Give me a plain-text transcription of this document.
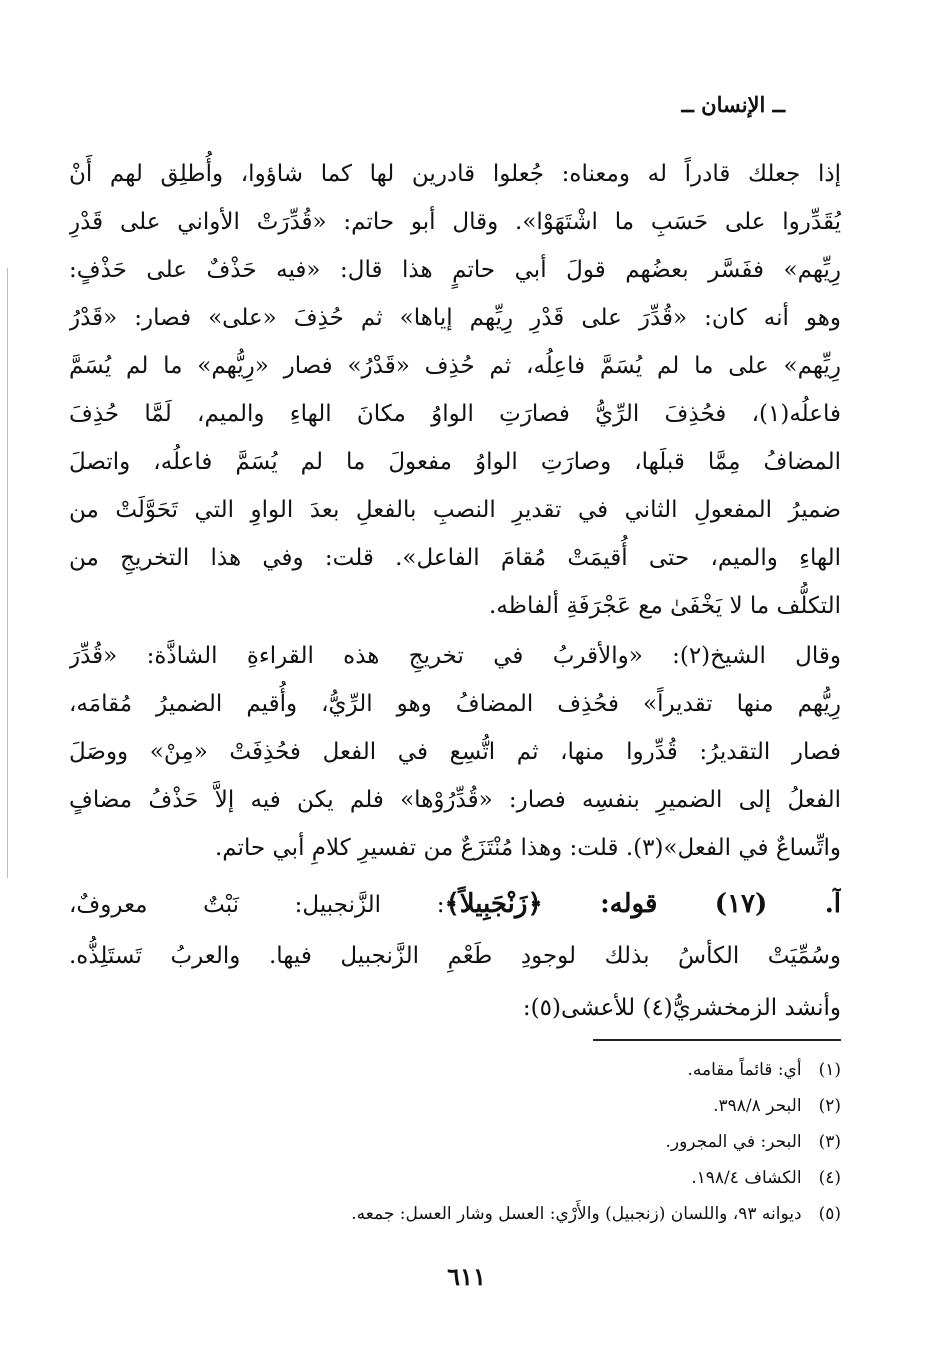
ــ الإنسان ــ
إذا جعلك قادراً له ومعناه: جُعلوا قادرين لها كما شاؤوا، وأُطلِق لهم أَنْ
يُقَدِّروا على حَسَبِ ما اشْتَهَوْا». وقال أبو حاتم: «قُدِّرَتْ الأواني على قَدْرِ
رِيِّهم» ففَسَّر بعضُهم قولَ أبي حاتمٍ هذا قال: «فيه حَذْفٌ على حَذْفٍ:
وهو أنه كان: «قُدِّرَ على قَدْرِ رِيِّهم إياها» ثم حُذِفَ «على» فصار: «قَدْرُ
رِيِّهم» على ما لم يُسَمَّ فاعِلُه، ثم حُذِف «قَدْرُ» فصار «رِيُّهم» ما لم يُسَمَّ
فاعلُه(١)، فحُذِفَ الرِّيُّ فصارَتِ الواوُ مكانَ الهاءِ والميم، لَمَّا حُذِفَ
المضافُ مِمَّا قبلَها، وصارَتِ الواوُ مفعولَ ما لم يُسَمَّ فاعلُه، واتصلَ
ضميرُ المفعولِ الثاني في تقديرِ النصبِ بالفعلِ بعدَ الواوِ التي تَحَوَّلَتْ من
الهاءِ والميم، حتى أُقيمَتْ مُقامَ الفاعل». قلت: وفي هذا التخريجِ من
التكلُّف ما لا يَخْفَىٰ مع عَجْرَفَةِ ألفاظه.
وقال الشيخ(٢): «والأقربُ في تخريجِ هذه القراءةِ الشاذَّة: «قُدِّرَ
رِيُّهم منها تقديراً» فحُذِف المضافُ وهو الرِّيُّ، وأُقيم الضميرُ مُقامَه،
فصار التقديرُ: قُدِّروا منها، ثم اتُّسِع في الفعل فحُذِفَتْ «مِنْ» ووصَلَ
الفعلُ إلى الضميرِ بنفسِه فصار: «قُدِّرُوْها» فلم يكن فيه إلاَّ حَذْفُ مضافٍ
واتِّساعٌ في الفعل»(٣). قلت: وهذا مُنْتَزَعٌ من تفسيرِ كلامِ أبي حاتم.
آ. (١٧) قوله: ﴿زَنْجَبِيلاً﴾: الزَّنجبيل: نَبْتٌ معروفٌ،
وسُمِّيَتْ الكأسُ بذلك لوجودِ طَعْمِ الزَّنجبيل فيها. والعربُ تَستَلِذُّه.
وأنشد الزمخشريُّ(٤) للأعشى(٥):
(١) أي: قائماً مقامه.
(٢) البحر ٣٩٨/٨.
(٣) البحر: في المجرور.
(٤) الكشاف ١٩٨/٤.
(٥) ديوانه ٩٣، واللسان (زنجبيل) والأَرْي: العسل وشار العسل: جمعه.
٦١١
